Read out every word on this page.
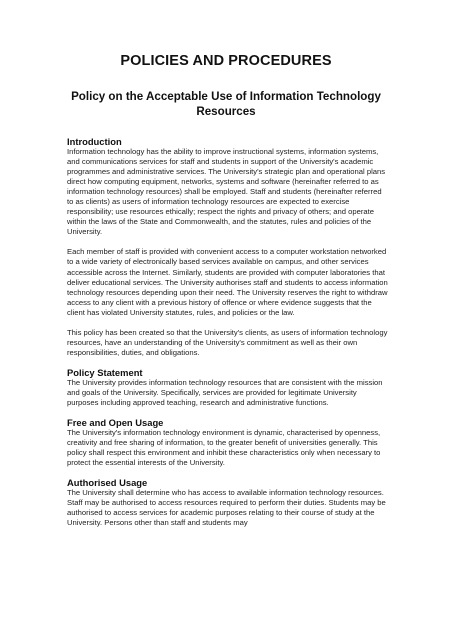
POLICIES AND PROCEDURES
Policy on the Acceptable Use of Information Technology Resources
Introduction

Information technology has the ability to improve instructional systems, information systems, and communications services for staff and students in support of the University's academic programmes and administrative services. The University's strategic plan and operational plans direct how computing equipment, networks, systems and software (hereinafter referred to as information technology resources) shall be employed. Staff and students (hereinafter referred to as clients) as users of information technology resources are expected to exercise responsibility; use resources ethically; respect the rights and privacy of others; and operate within the laws of the State and Commonwealth, and the statutes, rules and policies of the University.

Each member of staff is provided with convenient access to a computer workstation networked to a wide variety of electronically based services available on campus, and other services accessible across the Internet. Similarly, students are provided with computer laboratories that deliver educational services. The University authorises staff and students to access information technology resources depending upon their need. The University reserves the right to withdraw access to any client with a previous history of offence or where evidence suggests that the client has violated University statutes, rules, and policies or the law.

This policy has been created so that the University's clients, as users of information technology resources, have an understanding of the University's commitment as well as their own responsibilities, duties, and obligations.

Policy Statement

The University provides information technology resources that are consistent with the mission and goals of the University. Specifically, services are provided for legitimate University purposes including approved teaching, research and administrative functions.

Free and Open Usage

The University's information technology environment is dynamic, characterised by openness, creativity and free sharing of information, to the greater benefit of universities generally. This policy shall respect this environment and inhibit these characteristics only when necessary to protect the essential interests of the University.

Authorised Usage

The University shall determine who has access to available information technology resources. Staff may be authorised to access resources required to perform their duties. Students may be authorised to access services for academic purposes relating to their course of study at the University. Persons other than staff and students may
